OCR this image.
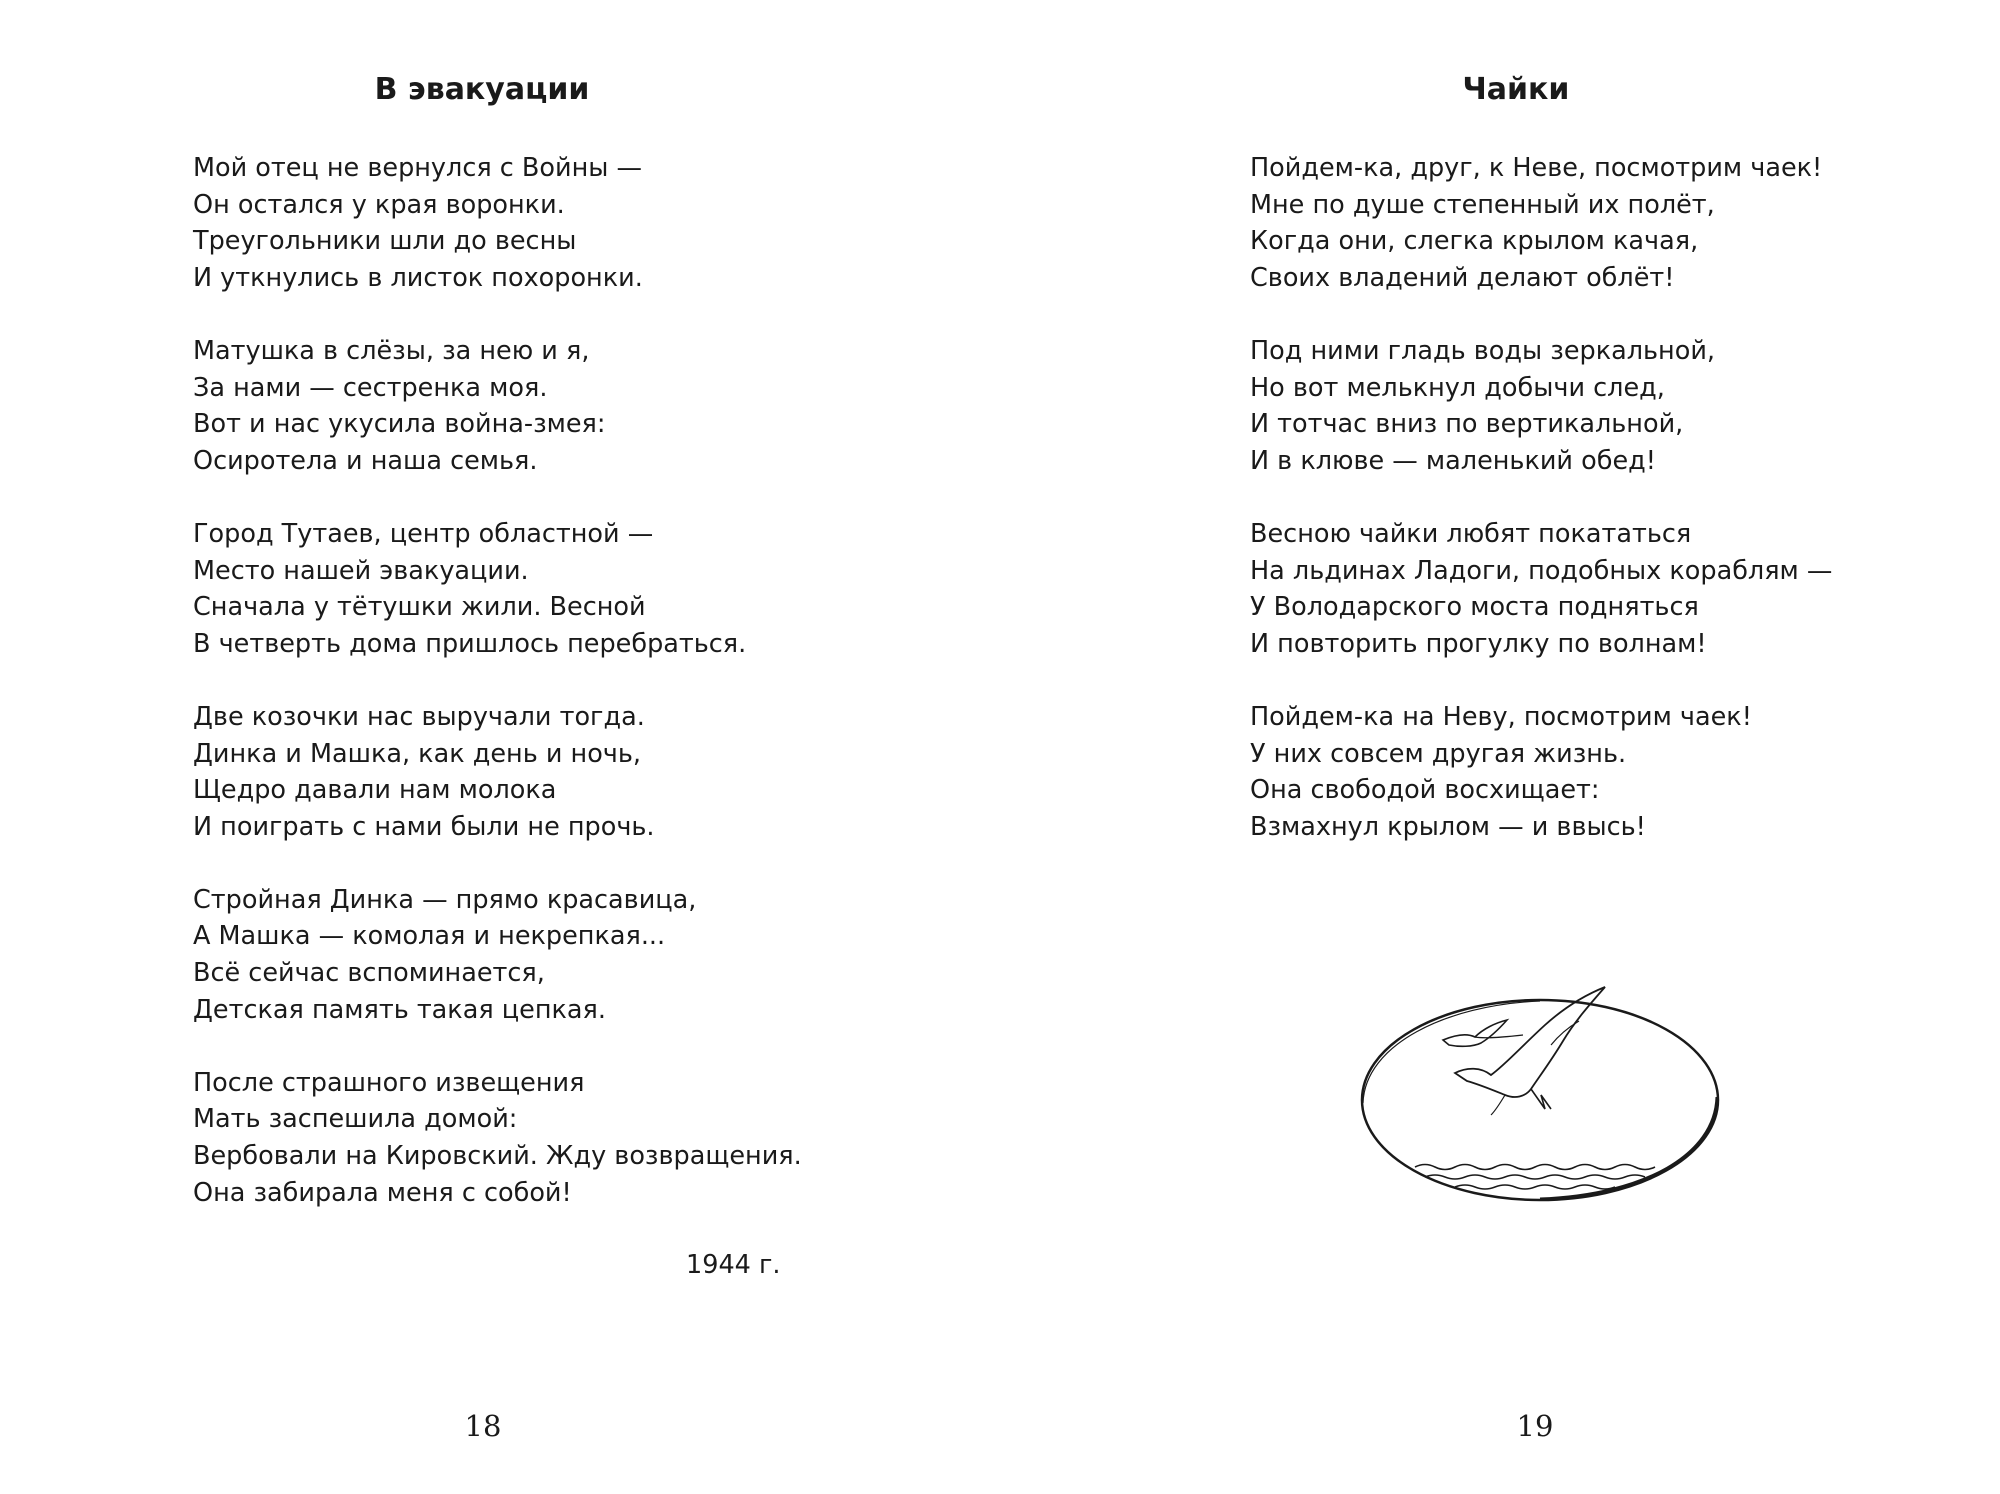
В эвакуации

Мой отец не вернулся с Войны —
Он остался у края воронки.
Треугольники шли до весны
И уткнулись в листок похоронки.

Матушка в слёзы, за нею и я,
За нами — сестренка моя.
Вот и нас укусила война-змея:
Осиротела и наша семья.

Город Тутаев, центр областной —
Место нашей эвакуации.
Сначала у тётушки жили. Весной
В четверть дома пришлось перебраться.

Две козочки нас выручали тогда.
Динка и Машка, как день и ночь,
Щедро давали нам молока
И поиграть с нами были не прочь.

Стройная Динка — прямо красавица,
А Машка — комолая и некрепкая...
Всё сейчас вспоминается,
Детская память такая цепкая.

После страшного извещения
Мать заспешила домой:
Вербовали на Кировский. Жду возвращения.
Она забирала меня с собой!

1944 г.
18
Чайки

Пойдем-ка, друг, к Неве, посмотрим чаек!
Мне по душе степенный их полёт,
Когда они, слегка крылом качая,
Своих владений делают облёт!

Под ними гладь воды зеркальной,
Но вот мелькнул добычи след,
И тотчас вниз по вертикальной,
И в клюве — маленький обед!

Весною чайки любят покататься
На льдинах Ладоги, подобных кораблям —
У Володарского моста подняться
И повторить прогулку по волнам!

Пойдем-ка на Неву, посмотрим чаек!
У них совсем другая жизнь.
Она свободой восхищает:
Взмахнул крылом — и ввысь!

19
